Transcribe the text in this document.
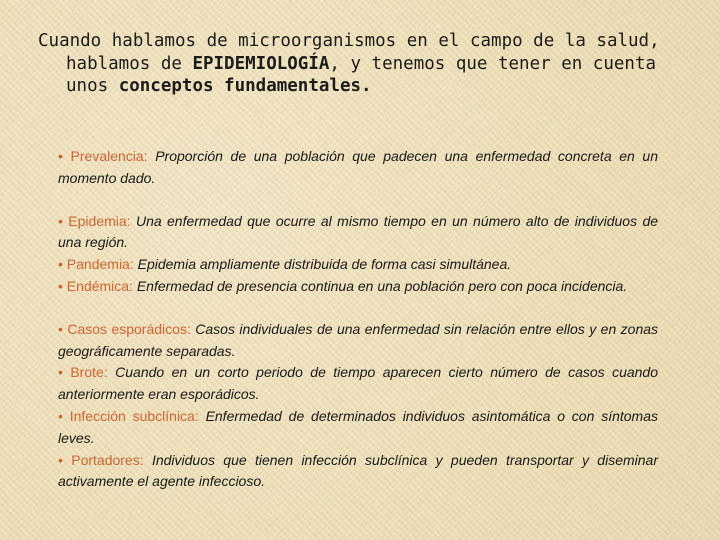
Cuando hablamos de microorganismos en el campo de la salud,
hablamos de EPIDEMIOLOGÍA, y tenemos que tener en cuenta
unos conceptos fundamentales.
• Prevalencia: Proporción de una población que padecen una enfermedad concreta en un momento dado.
• Epidemia: Una enfermedad que ocurre al mismo tiempo en un número alto de individuos de una región.
• Pandemia: Epidemia ampliamente distribuida de forma casi simultánea.
• Endémica: Enfermedad de presencia continua en una población pero con poca incidencia.
• Casos esporádicos: Casos individuales de una enfermedad sin relación entre ellos y en zonas geográficamente separadas.
• Brote: Cuando en un corto periodo de tiempo aparecen cierto número de casos cuando anteriormente eran esporádicos.
• Infección subclínica: Enfermedad de determinados individuos asintomática o con síntomas leves.
• Portadores: Individuos que tienen infección subclínica y pueden transportar y diseminar activamente el agente infeccioso.
